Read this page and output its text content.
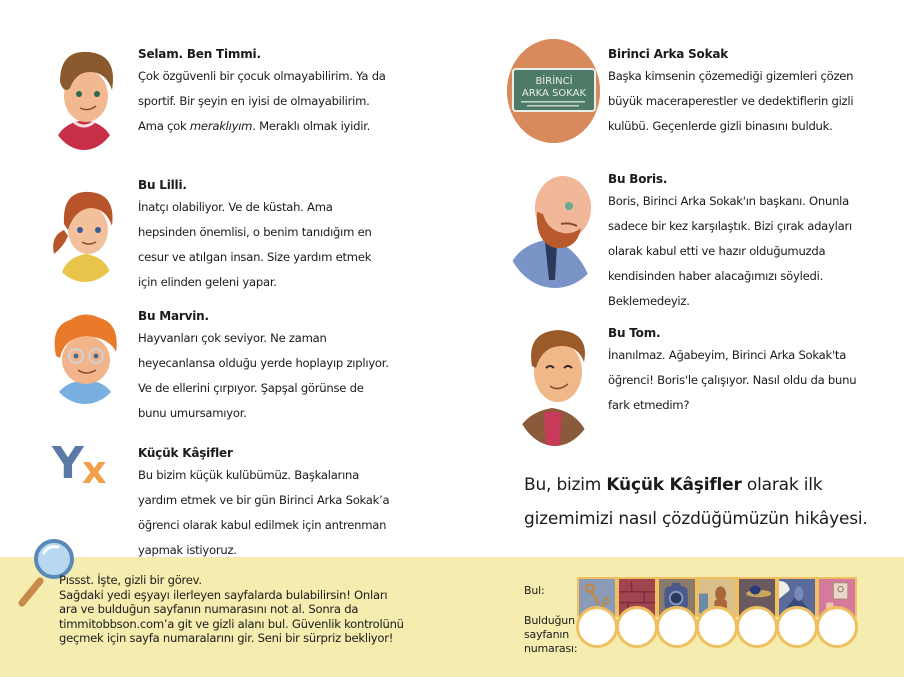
Selam. Ben Timmi.
Çok özgüvenli bir çocuk olmayabilirim. Ya da
sportif. Bir şeyin en iyisi de olmayabilirim.
Ama çok meraklıyım. Meraklı olmak iyidir.
Bu Lilli.
İnatçı olabiliyor. Ve de küstah. Ama
hepsinden önemlisi, o benim tanıdığım en
cesur ve atılgan insan. Size yardım etmek
için elinden geleni yapar.
Bu Marvin.
Hayvanları çok seviyor. Ne zaman
heyecanlansa olduğu yerde hoplayıp zıplıyor.
Ve de ellerini çırpıyor. Şapşal görünse de
bunu umursamıyor.
Y
x	Küçük Kâşifler
Bu bizim küçük kulübümüz. Başkalarına
yardım etmek ve bir gün Birinci Arka Sokak’a
öğrenci olarak kabul edilmek için antrenman
yapmak istiyoruz.
BİRİNCİ
ARKA SOKAK
Birinci Arka Sokak
Başka kimsenin çözemediği gizemleri çözen
büyük maceraperestler ve dedektiflerin gizli
kulübü. Geçenlerde gizli binasını bulduk.
Bu Boris.
Boris, Birinci Arka Sokak'ın başkanı. Onunla
sadece bir kez karşılaştık. Bizi çırak adayları
olarak kabul etti ve hazır olduğumuzda
kendisinden haber alacağımızı söyledi.
Beklemedeyiz.
Bu Tom.
İnanılmaz. Ağabeyim, Birinci Arka Sokak'ta
öğrenci! Boris'le çalışıyor. Nasıl oldu da bunu
fark etmedim?
Bu, bizim Küçük Kâşifler olarak ilk
gizemimizi nasıl çözdüğümüzün hikâyesi.
Pıssst. İşte, gizli bir görev.
Sağdaki yedi eşyayı ilerleyen sayfalarda bulabilirsin! Onları
ara ve bulduğun sayfanın numarasını not al. Sonra da
timmitobbson.com’a git ve gizli alanı bul. Güvenlik kontrolünü
geçmek için sayfa numaralarını gir. Seni bir sürpriz bekliyor!
Bul:
Bulduğun
sayfanın
numarası:
